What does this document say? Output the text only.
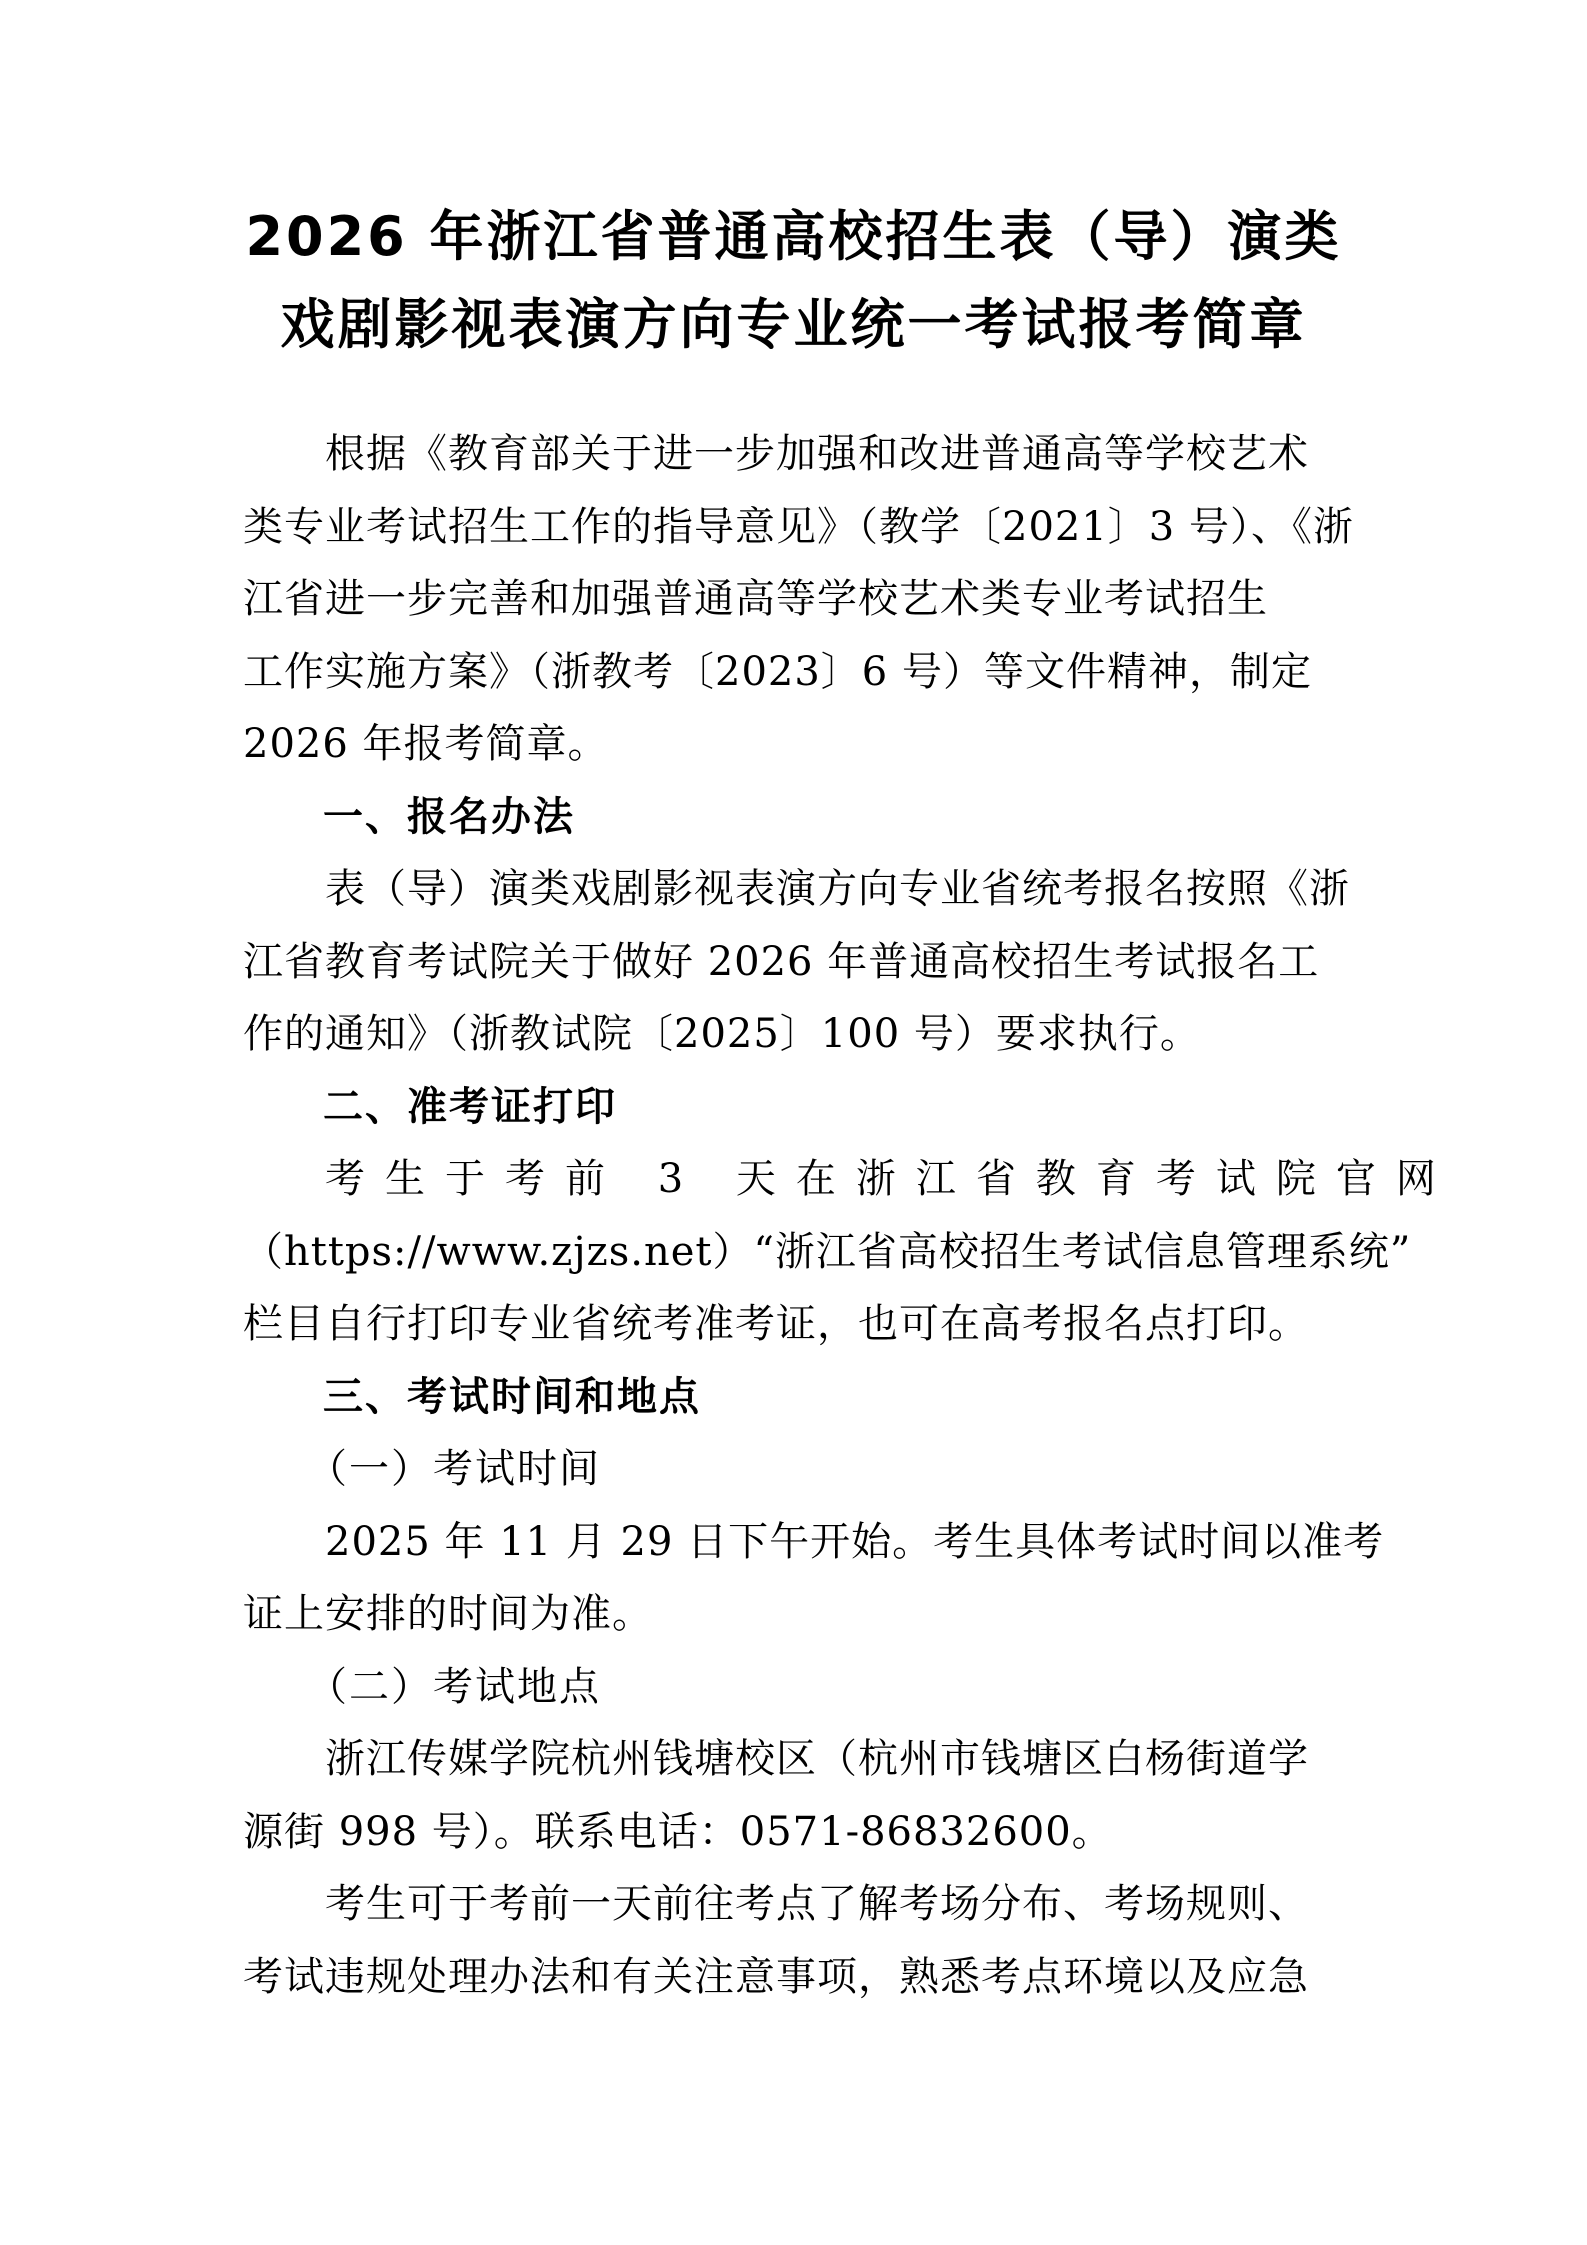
2026 年浙江省普通高校招生表（导）演类
戏剧影视表演方向专业统一考试报考简章

根据《教育部关于进一步加强和改进普通高等学校艺术
类专业考试招生工作的指导意见》（教学〔2021〕3 号）、《浙
江省进一步完善和加强普通高等学校艺术类专业考试招生
工作实施方案》（浙教考〔2023〕6 号）等文件精神，制定
2026 年报考简章。

一、报名办法

表（导）演类戏剧影视表演方向专业省统考报名按照《浙
江省教育考试院关于做好 2026 年普通高校招生考试报名工
作的通知》（浙教试院〔2025〕100 号）要求执行。

二、准考证打印

考生于考前 3 天在浙江省教育考试院官网
（https://www.zjzs.net）“浙江省高校招生考试信息管理系统”
栏目自行打印专业省统考准考证，也可在高考报名点打印。

三、考试时间和地点

（一）考试时间

2025 年 11 月 29 日下午开始。考生具体考试时间以准考
证上安排的时间为准。

（二）考试地点

浙江传媒学院杭州钱塘校区（杭州市钱塘区白杨街道学
源街 998 号）。联系电话：0571-86832600。

考生可于考前一天前往考点了解考场分布、考场规则、
考试违规处理办法和有关注意事项，熟悉考点环境以及应急
